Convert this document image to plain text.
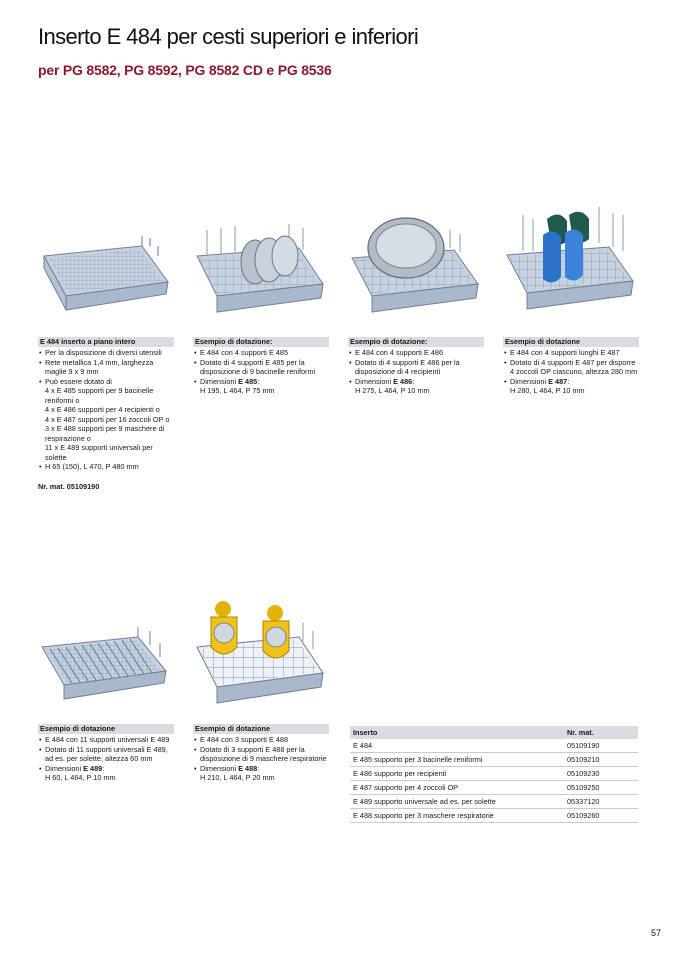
Inserto E 484 per cesti superiori e inferiori
per PG 8582, PG 8592, PG 8582 CD e PG 8536
E 484 inserto a piano intero
• Per la disposizione di diversi utensili
• Rete metallica 1,4 mm, larghezza maglie 9 x 9 mm
• Può essere dotato di
4 x E 485 supporti per 9 bacinelle reniformi o
4 x E 486 supporti per 4 recipienti o
4 x E 487 supporti per 16 zoccoli OP o
3 x E 488 supporti per 9 maschere di respirazione o
11 x E 489 supporti universali per solette
• H 65 (150), L 470, P 480 mm
Nr. mat. 05109190
Esempio di dotazione:
• E 484 con 4 supporti E 485
• Dotato di 4 supporti E 485 per la disposizione di 9 bacinelle reniformi
• Dimensioni E 485:
H 195, L 464, P 75 mm
Esempio di dotazione:
• E 484 con 4 supporti E 486
• Dotato di 4 supporti E 486 per la disposizione di 4 recipienti
• Dimensioni E 486:
H 275, L 464, P 10 mm
Esempio di dotazione
• E 484 con 4 supporti lunghi E 487
• Dotato di 4 supporti E 487 per disporre 4 zoccoli OP ciascuno, altezza 280 mm
• Dimensioni E 487:
H 280, L 464, P 10 mm
Esempio di dotazione
• E 484 con 11 supporti universali E 489
• Dotato di 11 supporti universali E 489, ad es. per solette, altezza 60 mm
• Dimensioni E 489:
H 60, L 464, P 10 mm
Esempio di dotazione
• E 484 con 3 supporti E 488
• Dotato di 3 supporti E 488 per la disposizione di 9 maschere respiratorie
• Dimensioni E 488:
H 210, L 464, P 20 mm
Inserto	Nr. mat.
E 484	05109190
E 485 supporto per 3 bacinelle reniformi	05109210
E 486 supporto per recipienti	05109230
E 487 supporto per 4 zoccoli OP	05109250
E 489 supporto universale ad es. per solette	05337120
E 488 supporto per 3 maschere respiratorie	05109260
57
